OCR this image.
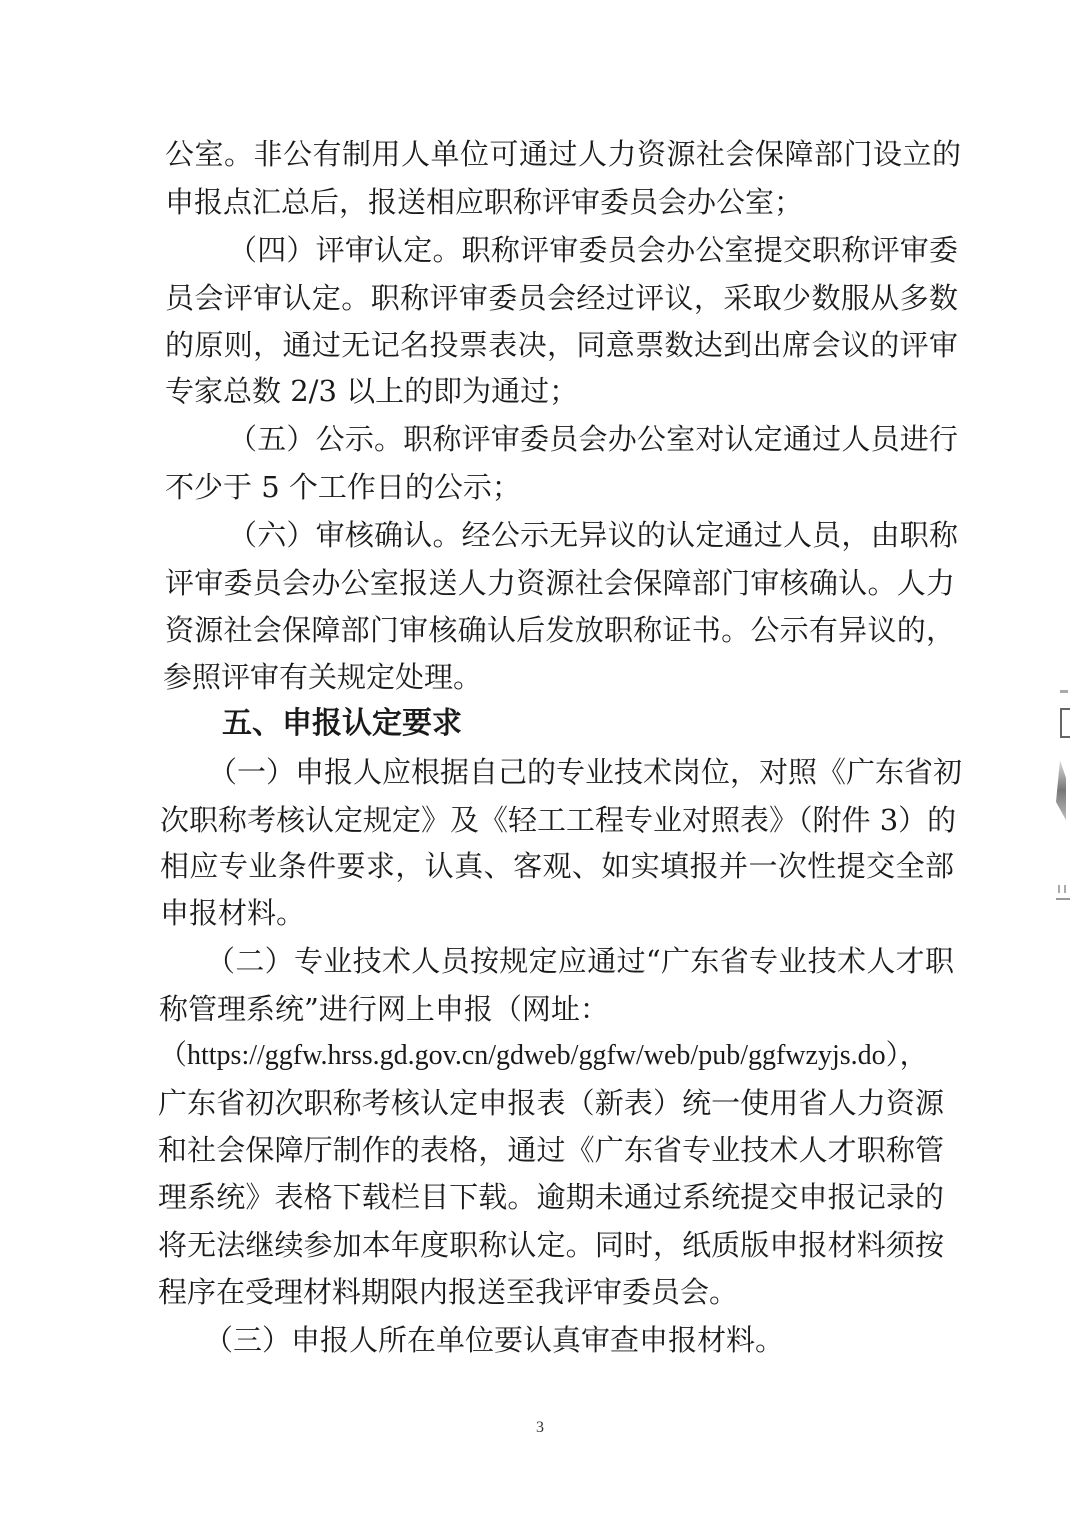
公室。非公有制用人单位可通过人力资源社会保障部门设立的
申报点汇总后，报送相应职称评审委员会办公室；
（四）评审认定。职称评审委员会办公室提交职称评审委
员会评审认定。职称评审委员会经过评议，采取少数服从多数
的原则，通过无记名投票表决，同意票数达到出席会议的评审
专家总数 2/3 以上的即为通过；
（五）公示。职称评审委员会办公室对认定通过人员进行
不少于 5 个工作日的公示；
（六）审核确认。经公示无异议的认定通过人员，由职称
评审委员会办公室报送人力资源社会保障部门审核确认。人力
资源社会保障部门审核确认后发放职称证书。公示有异议的，
参照评审有关规定处理。
五、申报认定要求
（一）申报人应根据自己的专业技术岗位，对照《广东省初
次职称考核认定规定》及《轻工工程专业对照表》（附件 3）的
相应专业条件要求，认真、客观、如实填报并一次性提交全部
申报材料。
（二）专业技术人员按规定应通过“广东省专业技术人才职
称管理系统”进行网上申报（网址：
（https://ggfw.hrss.gd.gov.cn/gdweb/ggfw/web/pub/ggfwzyjs.do），
广东省初次职称考核认定申报表（新表）统一使用省人力资源
和社会保障厅制作的表格，通过《广东省专业技术人才职称管
理系统》表格下载栏目下载。逾期未通过系统提交申报记录的
将无法继续参加本年度职称认定。同时，纸质版申报材料须按
程序在受理材料期限内报送至我评审委员会。
（三）申报人所在单位要认真审查申报材料。
3
